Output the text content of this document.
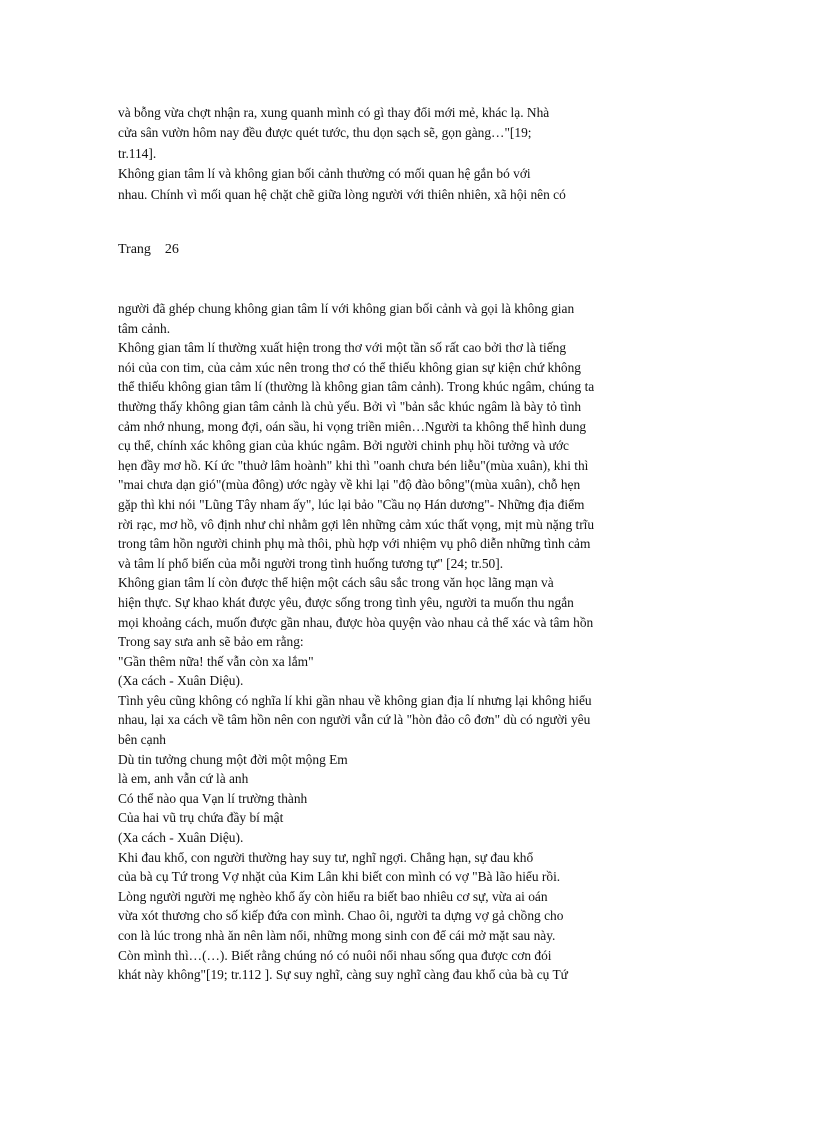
và bỗng vừa chợt nhận ra, xung quanh mình có gì thay đổi mới mẻ, khác lạ. Nhà
cửa sân vườn hôm nay đều được quét tước, thu dọn sạch sẽ, gọn gàng…"[19;
tr.114].
Không gian tâm lí và không gian bối cảnh thường có mối quan hệ gắn bó với
nhau. Chính vì mối quan hệ chặt chẽ giữa lòng người với thiên nhiên, xã hội nên có
Trang    26
người đã ghép chung không gian tâm lí với không gian bối cảnh và gọi là không gian
tâm cảnh.
Không gian tâm lí thường xuất hiện trong thơ với một tần số rất cao bởi thơ là tiếng
nói của con tim, của cảm xúc nên trong thơ có thể thiếu không gian sự kiện chứ không
thể thiếu không gian tâm lí (thường là không gian tâm cảnh). Trong khúc ngâm, chúng ta
thường thấy không gian tâm cảnh là chủ yếu. Bởi vì "bản sắc khúc ngâm là bày tỏ tình
cảm nhớ nhung, mong đợi, oán sầu, hi vọng triền miên…Người ta không thể hình dung
cụ thể, chính xác không gian của khúc ngâm. Bởi người chinh phụ hồi tưởng và ước
hẹn đầy mơ hồ. Kí ức "thuở lâm hoành" khi thì "oanh chưa bén liễu"(mùa xuân), khi thì
"mai chưa dạn gió"(mùa đông) ước ngày về khi lại "độ đào bông"(mùa xuân), chỗ hẹn
gặp thì khi nói "Lũng Tây nham ấy", lúc lại bảo "Cầu nọ Hán dương"- Những địa điểm
rời rạc, mơ hồ, vô định như chỉ nhằm gợi lên những cảm xúc thất vọng, mịt mù nặng trĩu
trong tâm hồn người chinh phụ mà thôi, phù hợp với nhiệm vụ phô diễn những tình cảm
và tâm lí phổ biến của mỗi người trong tình huống tương tự" [24; tr.50].
Không gian tâm lí còn được thể hiện một cách sâu sắc trong văn học lãng mạn và
hiện thực. Sự khao khát được yêu, được sống trong tình yêu, người ta muốn thu ngắn
mọi khoảng cách, muốn được gần nhau, được hòa quyện vào nhau cả thể xác và tâm hồn
Trong say sưa anh sẽ bảo em rằng:
"Gần thêm nữa! thế vẫn còn xa lắm"
(Xa cách - Xuân Diệu).
Tình yêu cũng không có nghĩa lí khi gần nhau về không gian địa lí nhưng lại không hiểu
nhau, lại xa cách về tâm hồn nên con người vẫn cứ là "hòn đảo cô đơn" dù có người yêu
bên cạnh
Dù tin tưởng chung một đời một mộng Em
là em, anh vẫn cứ là anh
Có thể nào qua Vạn lí trường thành
Của hai vũ trụ chứa đầy bí mật
(Xa cách - Xuân Diệu).
Khi đau khổ, con người thường hay suy tư, nghĩ ngợi. Chẳng hạn, sự đau khổ
của bà cụ Tứ trong Vợ nhặt của Kim Lân khi biết con mình có vợ "Bà lão hiểu rồi.
Lòng người người mẹ nghèo khổ ấy còn hiểu ra biết bao nhiêu cơ sự, vừa ai oán
vừa xót thương cho số kiếp đứa con mình. Chao ôi, người ta dựng vợ gả chồng cho
con là lúc trong nhà ăn nên làm nổi, những mong sinh con để cái mở mặt sau này.
Còn mình thì…(…). Biết rằng chúng nó có nuôi nổi nhau sống qua được cơn đói
khát này không"[19; tr.112 ]. Sự suy nghĩ, càng suy nghĩ càng đau khổ của bà cụ Tứ
